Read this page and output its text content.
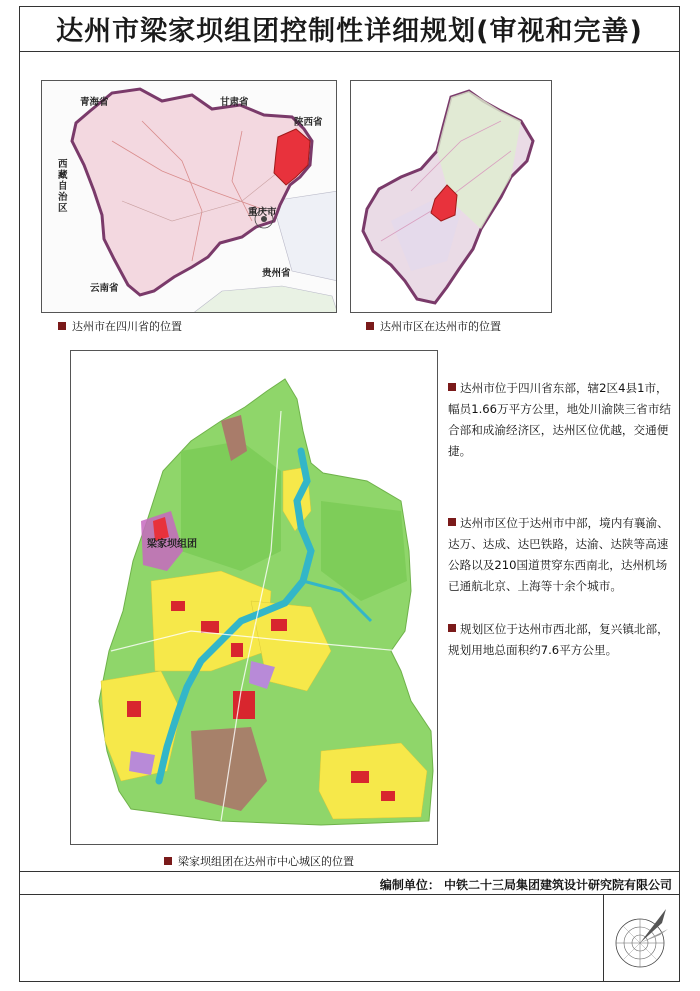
达州市梁家坝组团控制性详细规划(审视和完善)
青海省	甘肃省
陕西省
重庆市
贵州省
云南省
西藏自治区
达州市在四川省的位置	达州市区在达州市的位置
梁家坝组团
梁家坝组团在达州市中心城区的位置
达州市位于四川省东部，辖2区4县1市，幅员1.66万平方公里，地处川渝陕三省市结合部和成渝经济区，达州区位优越，交通便捷。
达州市区位于达州市中部，境内有襄渝、达万、达成、达巴铁路，达渝、达陕等高速公路以及210国道贯穿东西南北，达州机场已通航北京、上海等十余个城市。
规划区位于达州市西北部，复兴镇北部，规划用地总面积约7.6平方公里。
编制单位： 中铁二十三局集团建筑设计研究院有限公司
